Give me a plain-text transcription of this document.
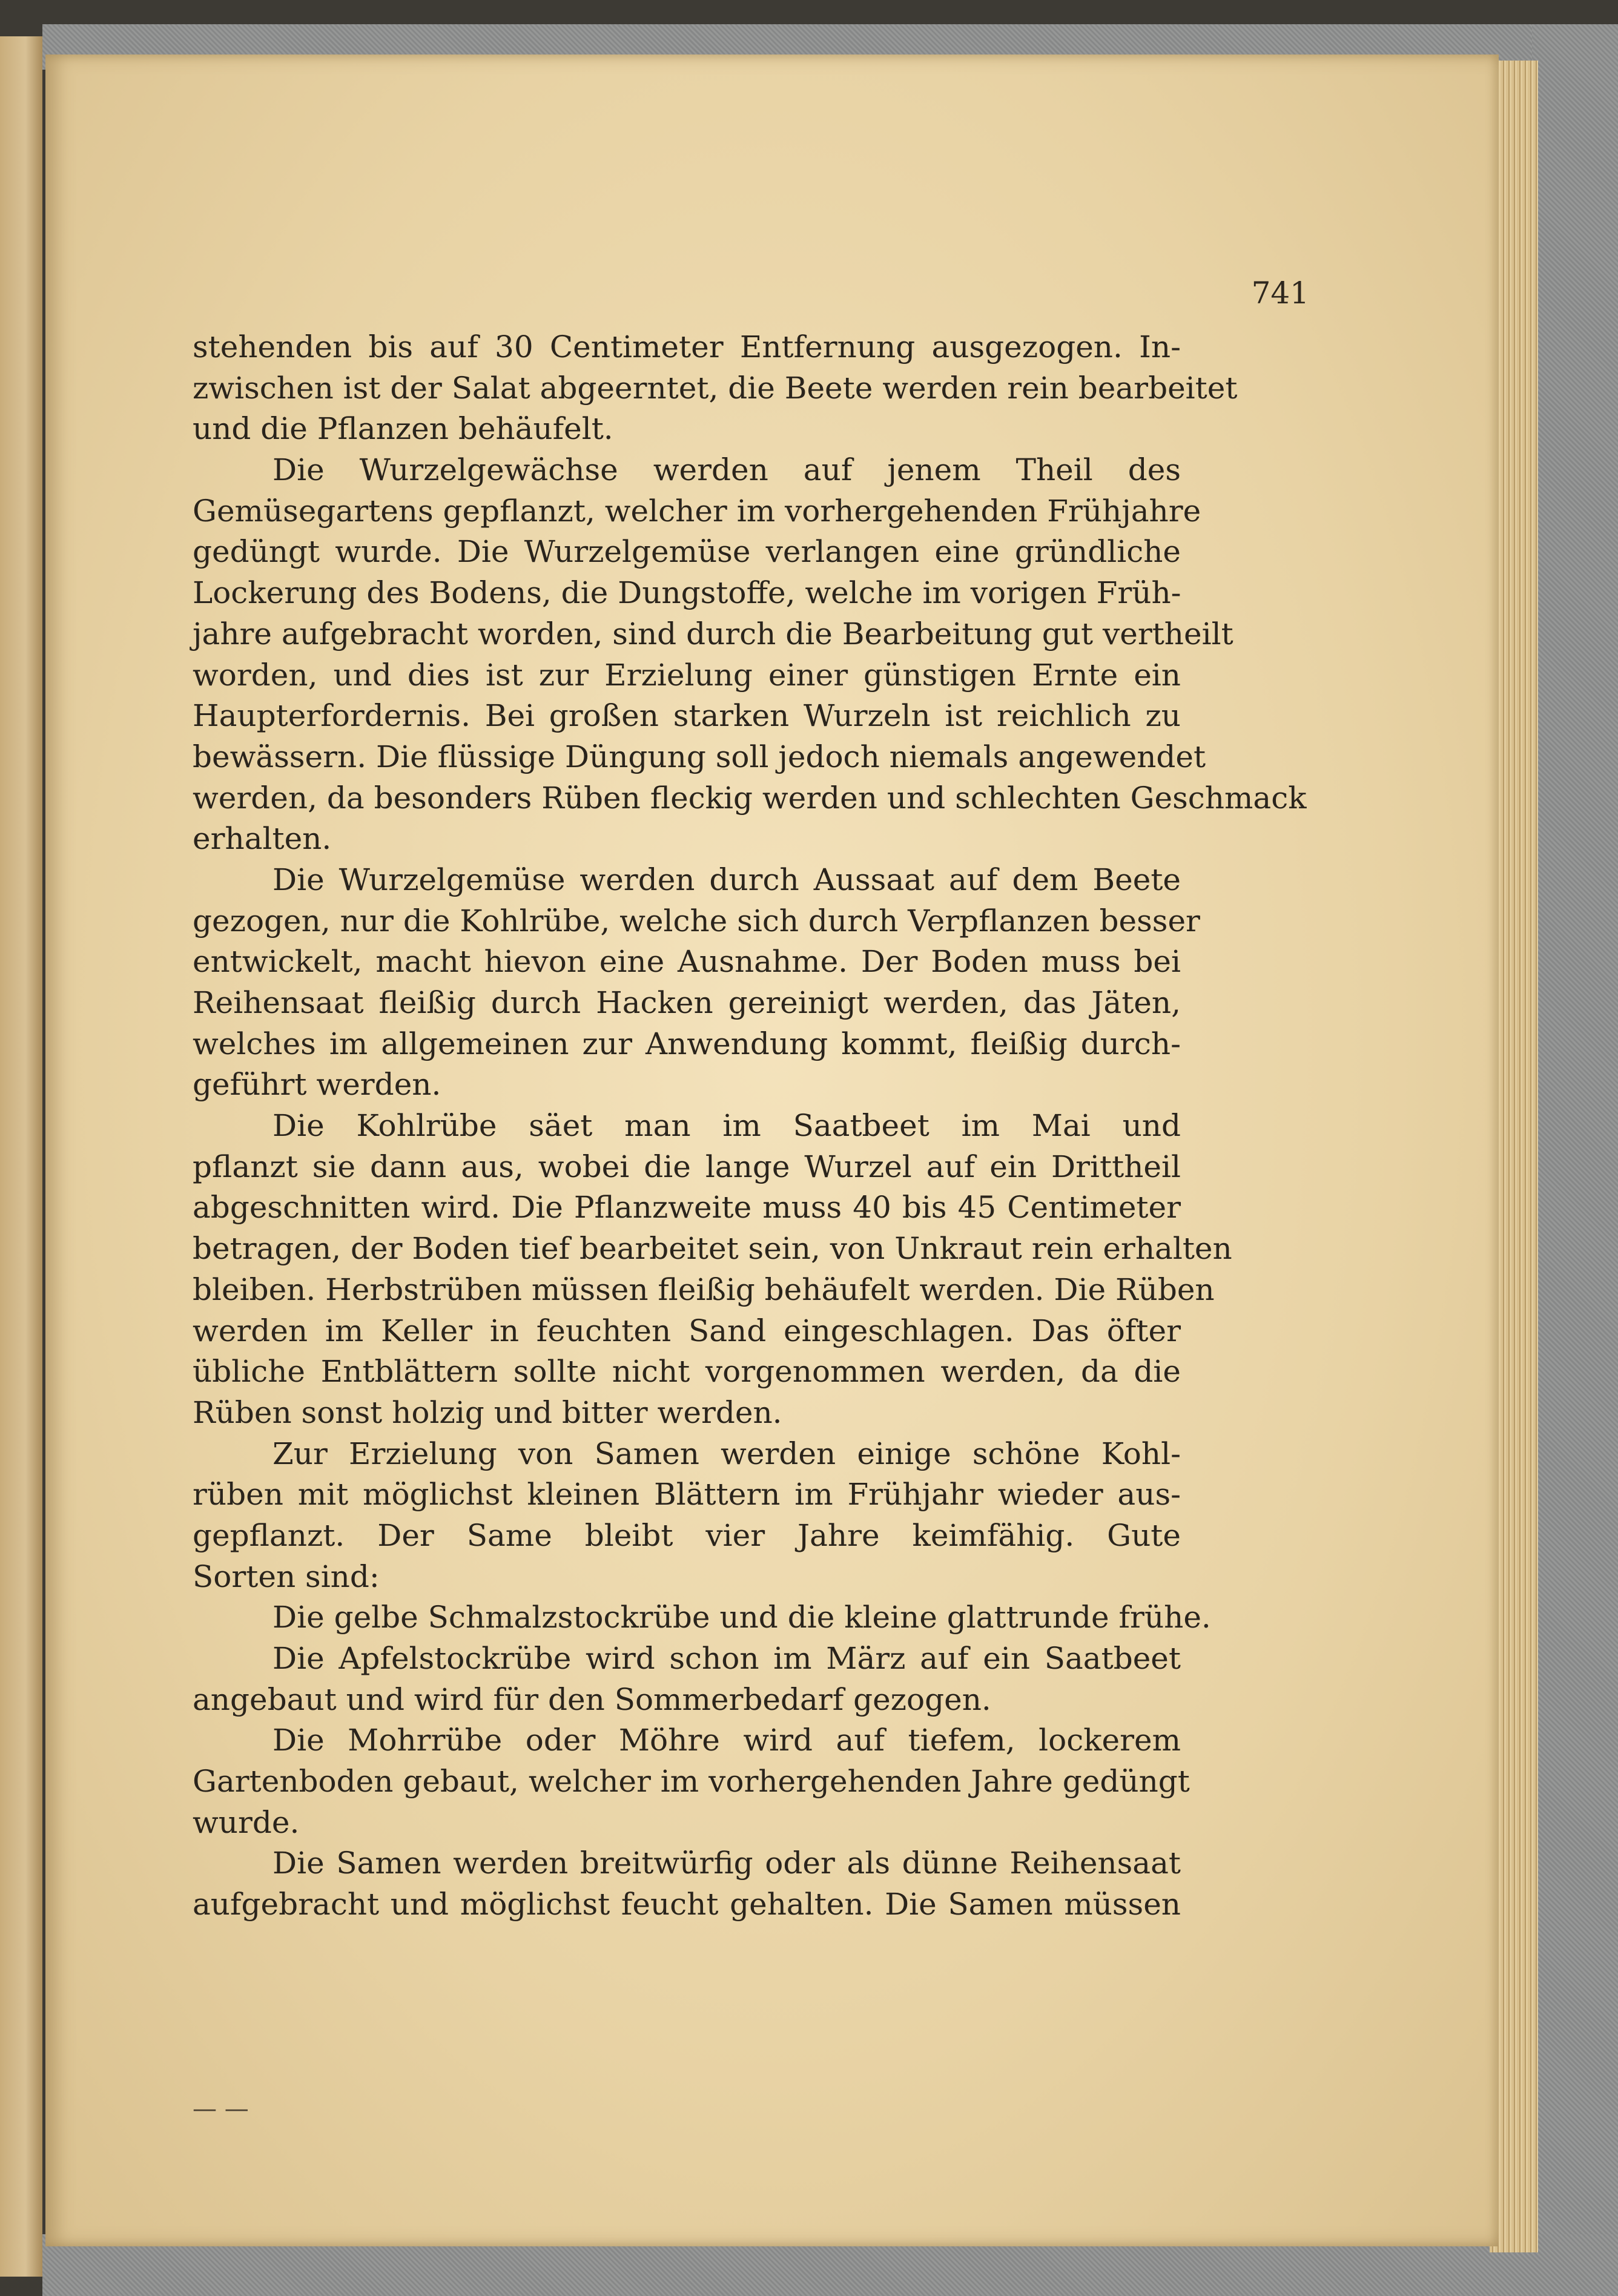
741
stehenden bis auf 30 Centimeter Entfernung ausgezogen. In-
zwischen ist der Salat abgeerntet, die Beete werden rein bearbeitet
und die Pflanzen behäufelt.
Die Wurzelgewächse werden auf jenem Theil des
Gemüsegartens gepflanzt, welcher im vorhergehenden Frühjahre
gedüngt wurde. Die Wurzelgemüse verlangen eine gründliche
Lockerung des Bodens, die Dungstoffe, welche im vorigen Früh-
jahre aufgebracht worden, sind durch die Bearbeitung gut vertheilt
worden, und dies ist zur Erzielung einer günstigen Ernte ein
Haupterfordernis. Bei großen starken Wurzeln ist reichlich zu
bewässern. Die flüssige Düngung soll jedoch niemals angewendet
werden, da besonders Rüben fleckig werden und schlechten Geschmack
erhalten.
Die Wurzelgemüse werden durch Aussaat auf dem Beete
gezogen, nur die Kohlrübe, welche sich durch Verpflanzen besser
entwickelt, macht hievon eine Ausnahme. Der Boden muss bei
Reihensaat fleißig durch Hacken gereinigt werden, das Jäten,
welches im allgemeinen zur Anwendung kommt, fleißig durch-
geführt werden.
Die Kohlrübe säet man im Saatbeet im Mai und
pflanzt sie dann aus, wobei die lange Wurzel auf ein Drittheil
abgeschnitten wird. Die Pflanzweite muss 40 bis 45 Centimeter
betragen, der Boden tief bearbeitet sein, von Unkraut rein erhalten
bleiben. Herbstrüben müssen fleißig behäufelt werden. Die Rüben
werden im Keller in feuchten Sand eingeschlagen. Das öfter
übliche Entblättern sollte nicht vorgenommen werden, da die
Rüben sonst holzig und bitter werden.
Zur Erzielung von Samen werden einige schöne Kohl-
rüben mit möglichst kleinen Blättern im Frühjahr wieder aus-
gepflanzt. Der Same bleibt vier Jahre keimfähig. Gute
Sorten sind:
Die gelbe Schmalzstockrübe und die kleine glattrunde frühe.
Die Apfelstockrübe wird schon im März auf ein Saatbeet
angebaut und wird für den Sommerbedarf gezogen.
Die Mohrrübe oder Möhre wird auf tiefem, lockerem
Gartenboden gebaut, welcher im vorhergehenden Jahre gedüngt
wurde.
Die Samen werden breitwürfig oder als dünne Reihensaat
aufgebracht und möglichst feucht gehalten. Die Samen müssen
— —
